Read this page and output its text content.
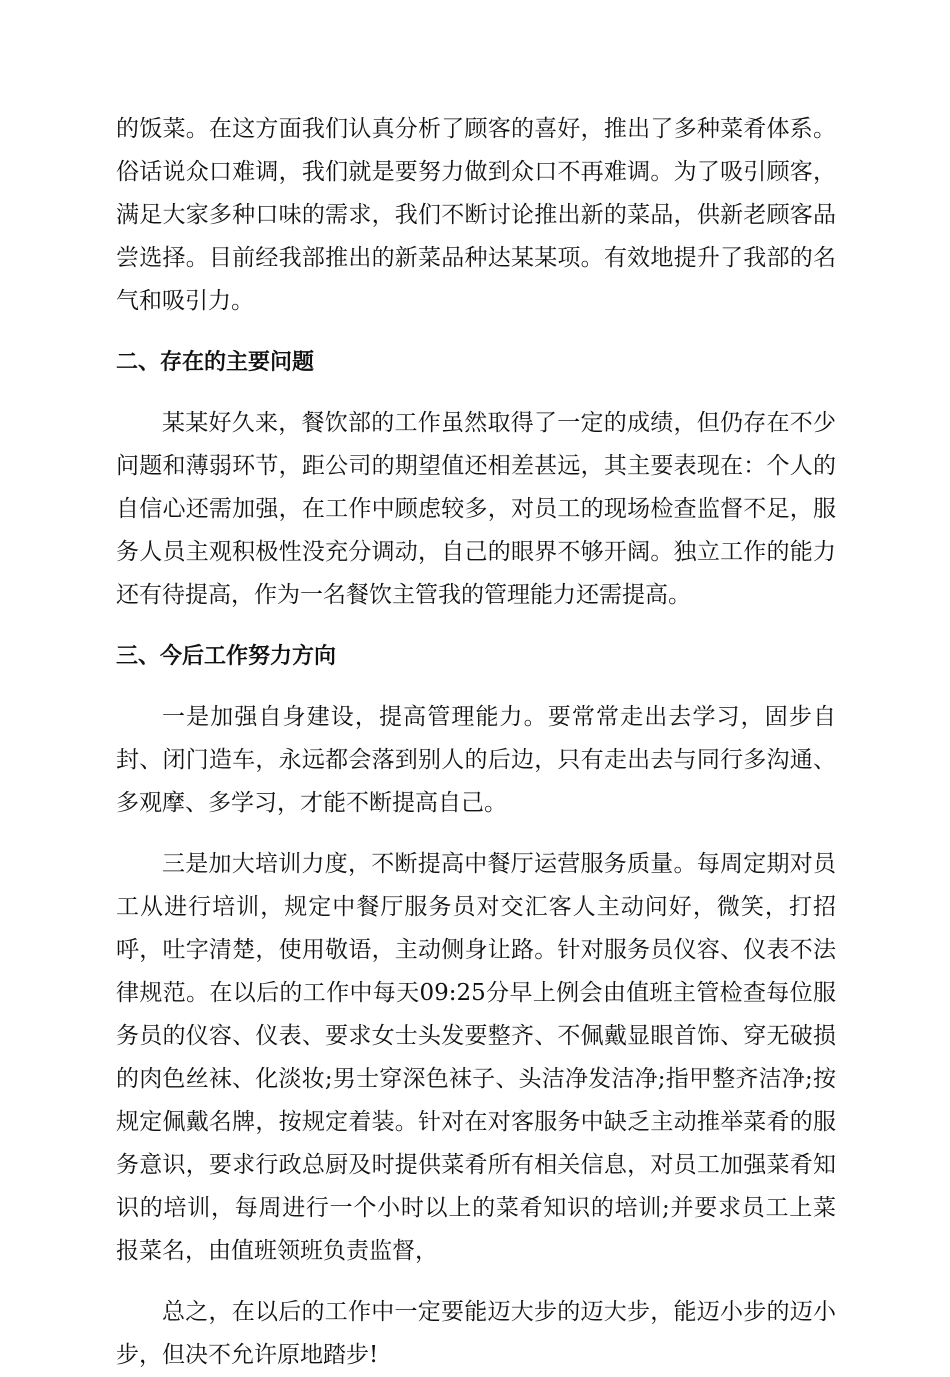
的饭菜。在这方面我们认真分析了顾客的喜好，推出了多种菜肴体系。俗话说众口难调，我们就是要努力做到众口不再难调。为了吸引顾客，满足大家多种口味的需求，我们不断讨论推出新的菜品，供新老顾客品尝选择。目前经我部推出的新菜品种达某某项。有效地提升了我部的名气和吸引力。

二、存在的主要问题

某某好久来，餐饮部的工作虽然取得了一定的成绩，但仍存在不少问题和薄弱环节，距公司的期望值还相差甚远，其主要表现在：个人的自信心还需加强，在工作中顾虑较多，对员工的现场检查监督不足，服务人员主观积极性没充分调动，自己的眼界不够开阔。独立工作的能力还有待提高，作为一名餐饮主管我的管理能力还需提高。

三、今后工作努力方向

一是加强自身建设，提高管理能力。要常常走出去学习，固步自封、闭门造车，永远都会落到别人的后边，只有走出去与同行多沟通、多观摩、多学习，才能不断提高自己。

三是加大培训力度，不断提高中餐厅运营服务质量。每周定期对员工从进行培训，规定中餐厅服务员对交汇客人主动问好，微笑，打招呼，吐字清楚，使用敬语，主动侧身让路。针对服务员仪容、仪表不法律规范。在以后的工作中每天09:25分早上例会由值班主管检查每位服务员的仪容、仪表、要求女士头发要整齐、不佩戴显眼首饰、穿无破损的肉色丝袜、化淡妆;男士穿深色袜子、头洁净发洁净;指甲整齐洁净;按规定佩戴名牌，按规定着装。针对在对客服务中缺乏主动推举菜肴的服务意识，要求行政总厨及时提供菜肴所有相关信息，对员工加强菜肴知识的培训，每周进行一个小时以上的菜肴知识的培训;并要求员工上菜报菜名，由值班领班负责监督，

总之，在以后的工作中一定要能迈大步的迈大步，能迈小步的迈小步，但决不允许原地踏步!
